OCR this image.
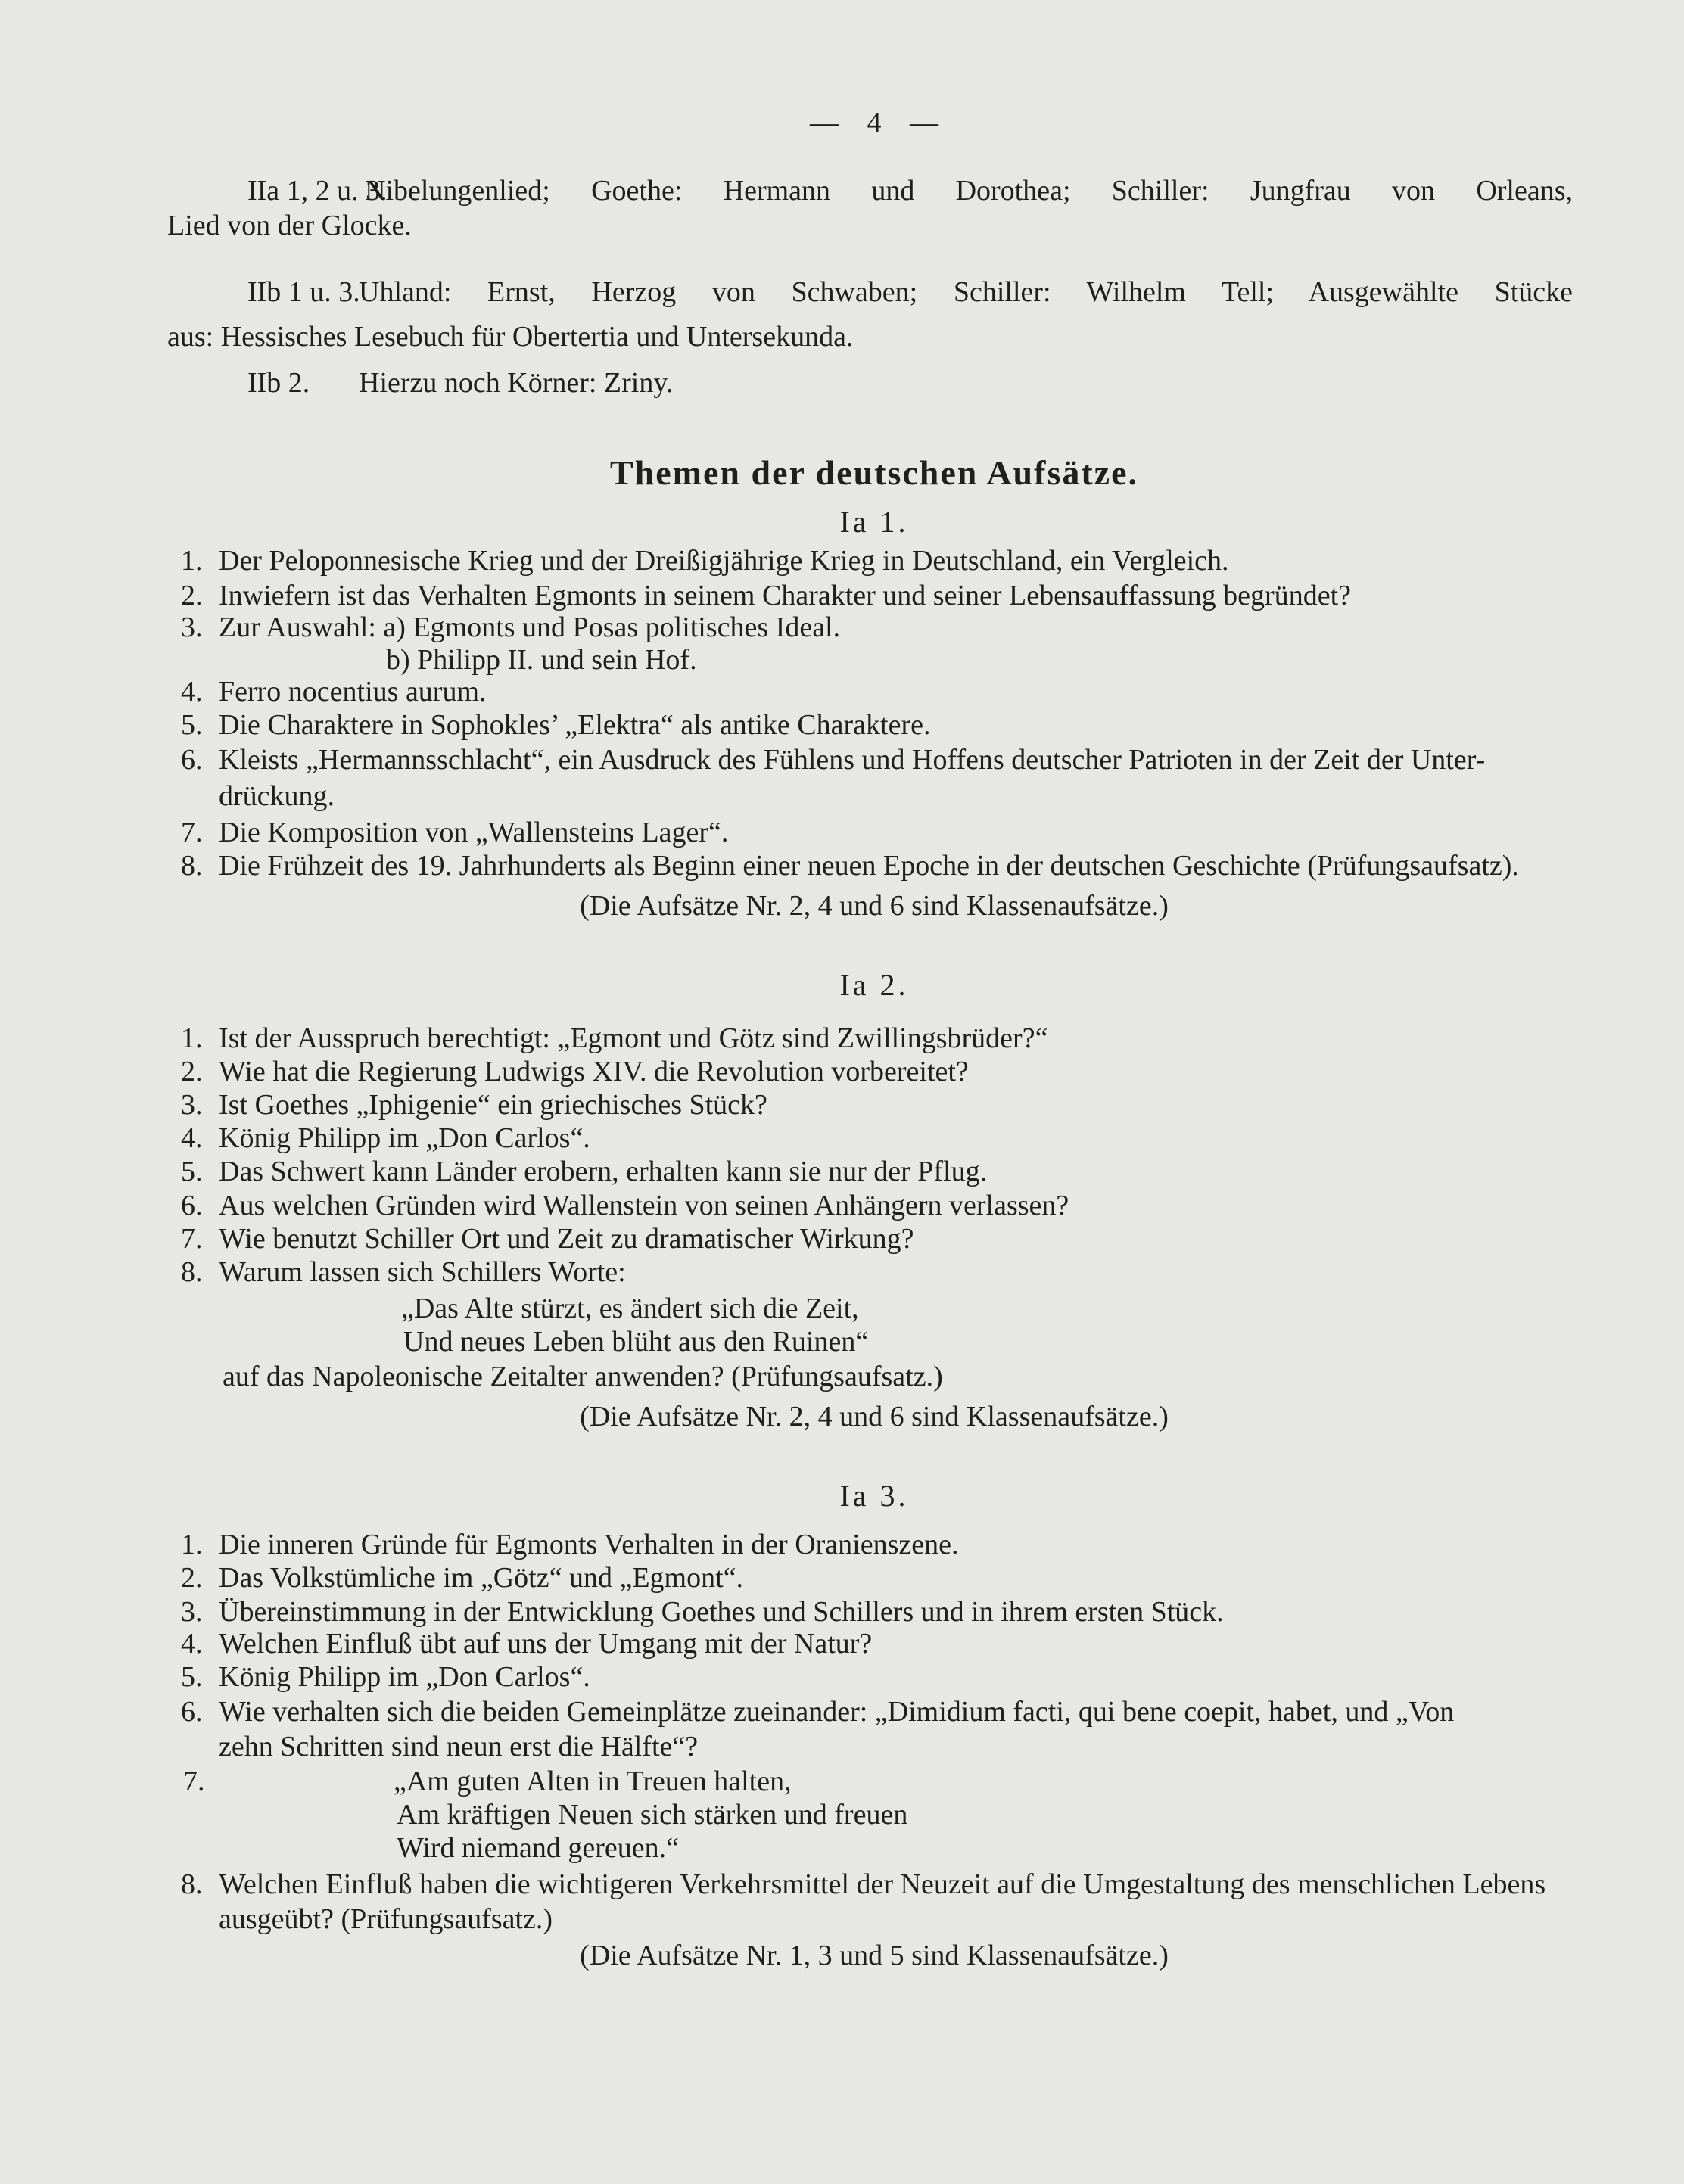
— 4 —
IIa 1, 2 u. 3.
Nibelungenlied; Goethe: Hermann und Dorothea; Schiller: Jungfrau von Orleans,
Lied von der Glocke.
IIb 1 u. 3.
Uhland: Ernst, Herzog von Schwaben; Schiller: Wilhelm Tell; Ausgewählte Stücke
aus: Hessisches Lesebuch für Obertertia und Untersekunda.
IIb 2. Hierzu noch Körner: Zriny.
Themen der deutschen Aufsätze.
Ia 1.
1. Der Peloponnesische Krieg und der Dreißigjährige Krieg in Deutschland, ein Vergleich.
2. Inwiefern ist das Verhalten Egmonts in seinem Charakter und seiner Lebensauffassung begründet?
3. Zur Auswahl: a) Egmonts und Posas politisches Ideal.
b) Philipp II. und sein Hof.
4. Ferro nocentius aurum.
5. Die Charaktere in Sophokles’ „Elektra“ als antike Charaktere.
6. Kleists „Hermannsschlacht“, ein Ausdruck des Fühlens und Hoffens deutscher Patrioten in der Zeit der Unter-
drückung.
7. Die Komposition von „Wallensteins Lager“.
8. Die Frühzeit des 19. Jahrhunderts als Beginn einer neuen Epoche in der deutschen Geschichte (Prüfungsaufsatz).
(Die Aufsätze Nr. 2, 4 und 6 sind Klassenaufsätze.)
Ia 2.
1. Ist der Ausspruch berechtigt: „Egmont und Götz sind Zwillingsbrüder?“
2. Wie hat die Regierung Ludwigs XIV. die Revolution vorbereitet?
3. Ist Goethes „Iphigenie“ ein griechisches Stück?
4. König Philipp im „Don Carlos“.
5. Das Schwert kann Länder erobern, erhalten kann sie nur der Pflug.
6. Aus welchen Gründen wird Wallenstein von seinen Anhängern verlassen?
7. Wie benutzt Schiller Ort und Zeit zu dramatischer Wirkung?
8. Warum lassen sich Schillers Worte:
„Das Alte stürzt, es ändert sich die Zeit,
Und neues Leben blüht aus den Ruinen“
auf das Napoleonische Zeitalter anwenden? (Prüfungsaufsatz.)
(Die Aufsätze Nr. 2, 4 und 6 sind Klassenaufsätze.)
Ia 3.
1. Die inneren Gründe für Egmonts Verhalten in der Oranienszene.
2. Das Volkstümliche im „Götz“ und „Egmont“.
3. Übereinstimmung in der Entwicklung Goethes und Schillers und in ihrem ersten Stück.
4. Welchen Einfluß übt auf uns der Umgang mit der Natur?
5. König Philipp im „Don Carlos“.
6. Wie verhalten sich die beiden Gemeinplätze zueinander: „Dimidium facti, qui bene coepit, habet, und „Von
zehn Schritten sind neun erst die Hälfte“?
7.	„Am guten Alten in Treuen halten,
Am kräftigen Neuen sich stärken und freuen
Wird niemand gereuen.“
8. Welchen Einfluß haben die wichtigeren Verkehrsmittel der Neuzeit auf die Umgestaltung des menschlichen Lebens
ausgeübt? (Prüfungsaufsatz.)
(Die Aufsätze Nr. 1, 3 und 5 sind Klassenaufsätze.)
